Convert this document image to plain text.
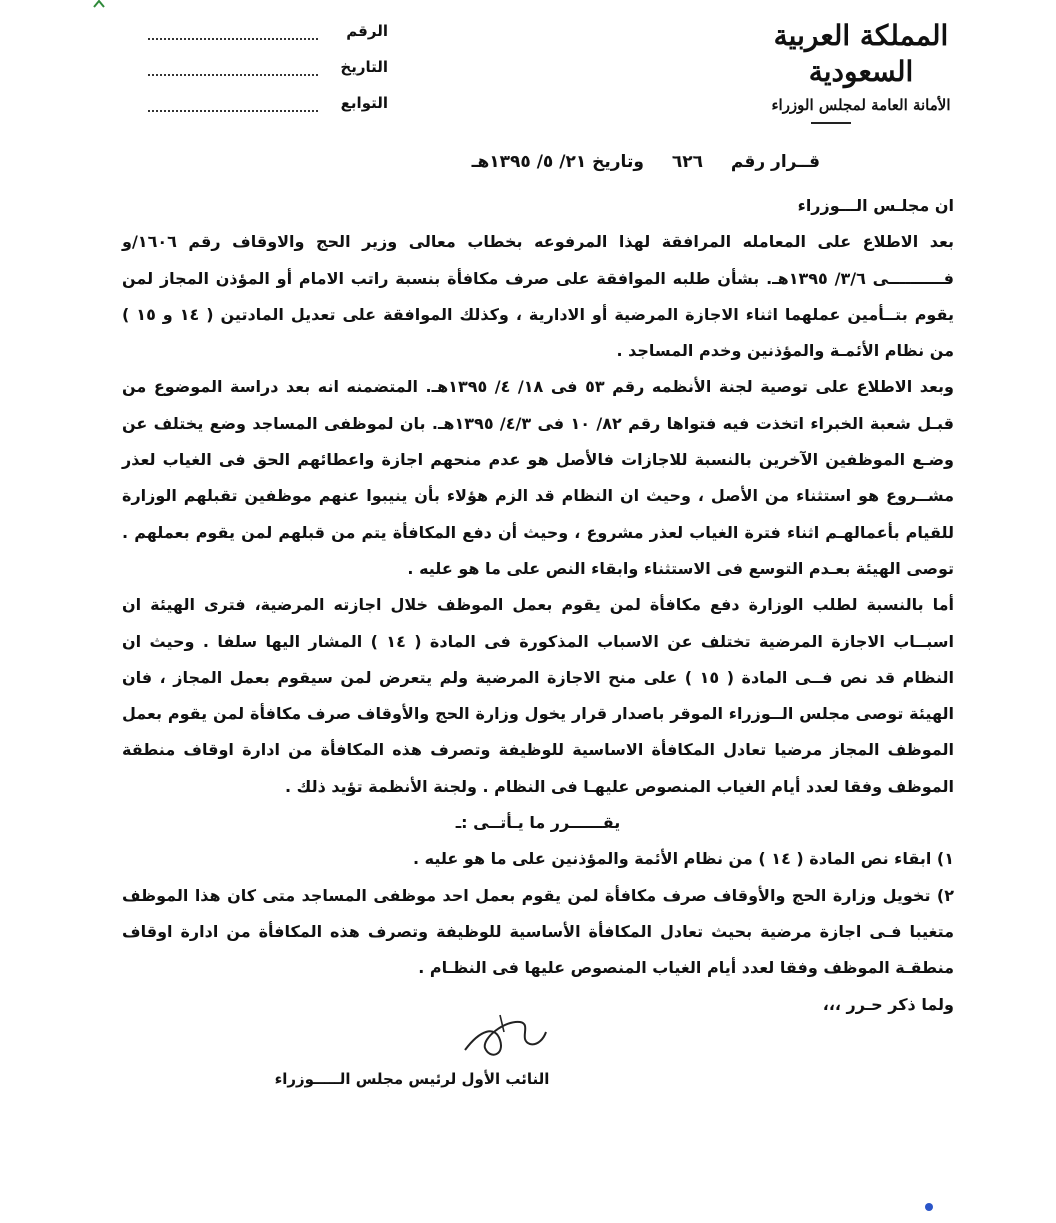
المملكة العربية السعودية
الأمانة العامة لمجلس الوزراء
الرقم
التاريخ
التوابع
قــرار رقم ٦٢٦ وتاريخ ٢١/ ٥/ ١٣٩٥هـ

ان مجلـس الـــوزراء

بعد الاطلاع على المعامله المرافقة لهذا المرفوعه بخطاب معالى وزير الحج والاوقاف رقم ١٦٠٦/و فــــــــــى ٣/٦/ ١٣٩٥هـ. بشأن طلبه الموافقة على صرف مكافأة بنسبة راتب الامام أو المؤذن المجاز لمن يقوم بتــأمين عملهما اثناء الاجازة المرضية أو الادارية ، وكذلك الموافقة على تعديل المادتين ( ١٤ و ١٥ ) من نظام الأئمـة والمؤذنين وخدم المساجد .

وبعد الاطلاع على توصية لجنة الأنظمه رقم ٥٣ فى ١٨/ ٤/ ١٣٩٥هـ. المتضمنه انه بعد دراسة الموضوع من قبـل شعبة الخبراء اتخذت فيه فتواها رقم ٨٢/ ١٠ فى ٤/٣/ ١٣٩٥هـ. بان لموظفى المساجد وضع يختلف عن وضـع الموظفين الآخرين بالنسبة للاجازات فالأصل هو عدم منحهم اجازة واعطائهم الحق فى الغياب لعذر مشــروع هو استثناء من الأصل ، وحيث ان النظام قد الزم هؤلاء بأن ينيبوا عنهم موظفين تقبلهم الوزارة للقيام بأعمالهـم اثناء فترة الغياب لعذر مشروع ، وحيث أن دفع المكافأة يتم من قبلهم لمن يقوم بعملهم . توصى الهيئة بعـدم التوسع فى الاستثناء وابقاء النص على ما هو عليه .

أما بالنسبة لطلب الوزارة دفع مكافأة لمن يقوم بعمل الموظف خلال اجازته المرضية، فترى الهيئة ان اسبــاب الاجازة المرضية تختلف عن الاسباب المذكورة فى المادة ( ١٤ ) المشار اليها سلفا . وحيث ان النظام قد نص فــى المادة ( ١٥ ) على منح الاجازة المرضية ولم يتعرض لمن سيقوم بعمل المجاز ، فان الهيئة توصى مجلس الــوزراء الموقر باصدار قرار يخول وزارة الحج والأوقاف صرف مكافأة لمن يقوم بعمل الموظف المجاز مرضيا تعادل المكافأة الاساسية للوظيفة وتصرف هذه المكافأة من ادارة اوقاف منطقة الموظف وفقا لعدد أيام الغياب المنصوص عليهـا فى النظام . ولجنة الأنظمة تؤيد ذلك .

يقــــــرر ما يـأتــى :ـ

١) ابقاء نص المادة ( ١٤ ) من نظام الأئمة والمؤذنين على ما هو عليه .
٢) تخويل وزارة الحج والأوقاف صرف مكافأة لمن يقوم بعمل احد موظفى المساجد متى كان هذا الموظف متغيبا فـى اجازة مرضية بحيث تعادل المكافأة الأساسية للوظيفة وتصرف هذه المكافأة من ادارة اوقاف منطقـة الموظف وفقا لعدد أيام الغياب المنصوص عليها فى النظـام .

ولما ذكر حـرر ،،،

النائب الأول لرئيس مجلس الـــــوزراء
